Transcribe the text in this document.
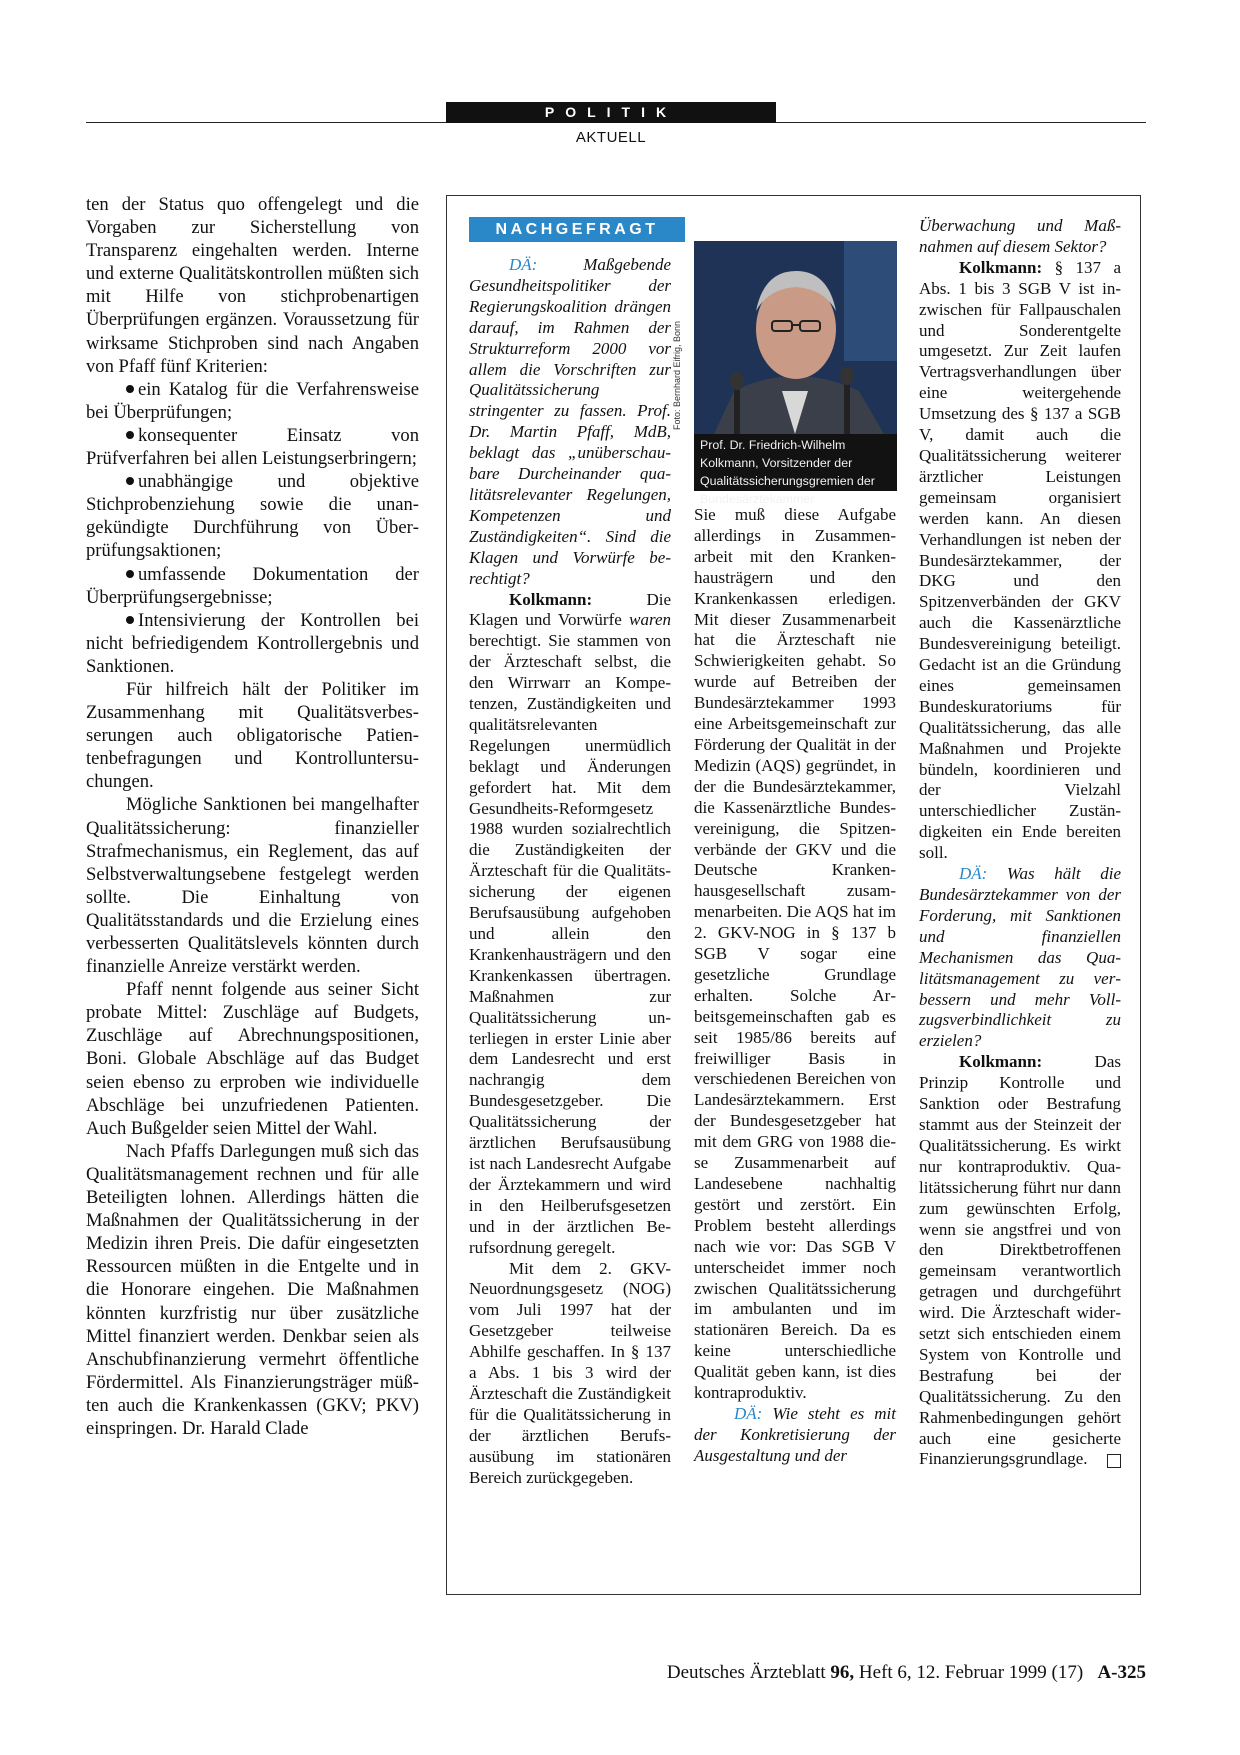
POLITIK
AKTUELL

ten der Status quo offengelegt und die Vorgaben zur Sicherstellung von Transparenz eingehalten werden. Interne und externe Qualitätskontrollen müßten sich mit Hilfe von stichprobenartigen Überprüfungen ergänzen. Voraussetzung für wirksame Stichproben sind nach Angaben von Pfaff fünf Kriterien:

ein Katalog für die Verfahrensweise bei Überprüfungen;

konsequenter Einsatz von Prüfverfahren bei allen Leistungserbringern;

unabhängige und objektive Stichprobenziehung sowie die unangekündigte Durchführung von Überprüfungsaktionen;

umfassende Dokumentation der Überprüfungsergebnisse;

Intensivierung der Kontrollen bei nicht befriedigendem Kontrollergebnis und Sanktionen.

Für hilfreich hält der Politiker im Zusammenhang mit Qualitätsverbesserungen auch obligatorische Patientenbefragungen und Kontrolluntersuchungen.

Mögliche Sanktionen bei mangelhafter Qualitätssicherung: finanzieller Strafmechanismus, ein Reglement, das auf Selbstverwaltungsebene festgelegt werden sollte. Die Einhaltung von Qualitätsstandards und die Erzielung eines verbesserten Qualitätslevels könnten durch finanzielle Anreize verstärkt werden.

Pfaff nennt folgende aus seiner Sicht probate Mittel: Zuschläge auf Budgets, Zuschläge auf Abrechnungspositionen, Boni. Globale Abschläge auf das Budget seien ebenso zu erproben wie individuelle Abschläge bei unzufriedenen Patienten. Auch Bußgelder seien Mittel der Wahl.

Nach Pfaffs Darlegungen muß sich das Qualitätsmanagement rechnen und für alle Beteiligten lohnen. Allerdings hätten die Maßnahmen der Qualitätssicherung in der Medizin ihren Preis. Die dafür eingesetzten Ressourcen müßten in die Entgelte und in die Honorare eingehen. Die Maßnahmen könnten kurzfristig nur über zusätzliche Mittel finanziert werden. Denkbar seien als Anschubfinanzierung vermehrt öffentliche Fördermittel. Als Finanzierungsträger müßten auch die Krankenkassen (GKV; PKV) einspringen. Dr. Harald Clade

NACHGEFRAGT

DÄ:	Maßgebende Gesundheitspolitiker der Regierungskoalition drängen darauf, im Rahmen der Strukturreform 2000 vor allem die Vorschriften zur Qualitätssicherung stringenter zu fassen. Prof. Dr. Martin Pfaff, MdB, beklagt das „unüberschaubare Durcheinander qualitätsrelevanter Regelungen, Kompetenzen und Zuständigkeiten“. Sind die Klagen und Vorwürfe berechtigt?

Kolkmann:	Die Klagen und Vorwürfe waren berechtigt. Sie stammen von der Ärzteschaft selbst, die den Wirrwarr an Kompetenzen, Zuständigkeiten und qualitätsrelevanten Regelungen unermüdlich beklagt und Änderungen gefordert hat. Mit dem Gesundheits-Reformgesetz 1988 wurden sozialrechtlich die Zuständigkeiten der Ärzteschaft für die Qualitätssicherung der eigenen Berufsausübung aufgehoben und allein den Krankenhausträgern und den Krankenkassen übertragen. Maßnahmen zur Qualitätssicherung unterliegen in erster Linie aber dem Landesrecht und erst nachrangig dem Bundesgesetzgeber. Die Qualitätssicherung der ärztlichen Berufsausübung ist nach Landesrecht Aufgabe der Ärztekammern und wird in den Heilberufsgesetzen und in der ärztlichen Berufsordnung geregelt.

Mit dem 2. GKV-Neuordnungsgesetz (NOG) vom Juli 1997 hat der Gesetzgeber teilweise Abhilfe geschaffen. In § 137 a Abs. 1 bis 3 wird der Ärzteschaft die Zuständigkeit für die Qualitätssicherung in der ärztlichen Berufsausübung im stationären Bereich zurückgegeben.

Foto: Bernhard Eifrig, Bonn
Prof. Dr. Friedrich-Wilhelm Kolkmann, Vorsitzender der Qualitätssicherungsgremien der Bundesärztekammer

Sie muß diese Aufgabe allerdings in Zusammenarbeit mit den Krankenhausträgern und den Krankenkassen erledigen. Mit dieser Zusammenarbeit hat die Ärzteschaft nie Schwierigkeiten gehabt. So wurde auf Betreiben der Bundesärztekammer 1993 eine Arbeitsgemeinschaft zur Förderung der Qualität in der Medizin (AQS) gegründet, in der die Bundesärztekammer, die Kassenärztliche Bundesvereinigung, die Spitzenverbände der GKV und die Deutsche Krankenhausgesellschaft zusammenarbeiten. Die AQS hat im 2. GKV-NOG in § 137 b SGB V sogar eine gesetzliche Grundlage erhalten. Solche Arbeitsgemeinschaften gab es seit 1985/86 bereits auf freiwilliger Basis in verschiedenen Bereichen von Landesärztekammern. Erst der Bundesgesetzgeber hat mit dem GRG von 1988 diese Zusammenarbeit auf Landesebene nachhaltig gestört und zerstört. Ein Problem besteht allerdings nach wie vor: Das SGB V unterscheidet immer noch zwischen Qualitätssicherung im ambulanten und im stationären Bereich. Da es keine unterschiedliche Qualität geben kann, ist dies kontraproduktiv.

DÄ: Wie steht es mit der Konkretisierung der Ausgestaltung und der

Überwachung und Maßnahmen auf diesem Sektor?

Kolkmann: § 137 a Abs. 1 bis 3 SGB V ist inzwischen für Fallpauschalen und Sonderentgelte umgesetzt. Zur Zeit laufen Vertragsverhandlungen über eine weitergehende Umsetzung des § 137 a SGB V, damit auch die Qualitätssicherung weiterer ärztlicher Leistungen gemeinsam organisiert werden kann. An diesen Verhandlungen ist neben der Bundesärztekammer, der DKG und den Spitzenverbänden der GKV auch die Kassenärztliche Bundesvereinigung beteiligt. Gedacht ist an die Gründung eines gemeinsamen Bundeskuratoriums für Qualitätssicherung, das alle Maßnahmen und Projekte bündeln, koordinieren und der Vielzahl unterschiedlicher Zuständigkeiten ein Ende bereiten soll.

DÄ: Was hält die Bundesärztekammer von der Forderung, mit Sanktionen und finanziellen Mechanismen das Qualitätsmanagement zu verbessern und mehr Vollzugsverbindlichkeit zu erzielen?

Kolkmann:	Das Prinzip Kontrolle und Sanktion oder Bestrafung stammt aus der Steinzeit der Qualitätssicherung. Es wirkt nur kontraproduktiv. Qualitätssicherung führt nur dann zum gewünschten Erfolg, wenn sie angstfrei und von den Direktbetroffenen gemeinsam verantwortlich getragen und durchgeführt wird. Die Ärzteschaft widersetzt sich entschieden einem System von Kontrolle und Bestrafung bei der Qualitätssicherung. Zu den Rahmenbedingungen gehört auch eine gesicherte Finanzierungsgrundlage.

Deutsches Ärzteblatt 96, Heft 6, 12. Februar 1999 (17) A-325
